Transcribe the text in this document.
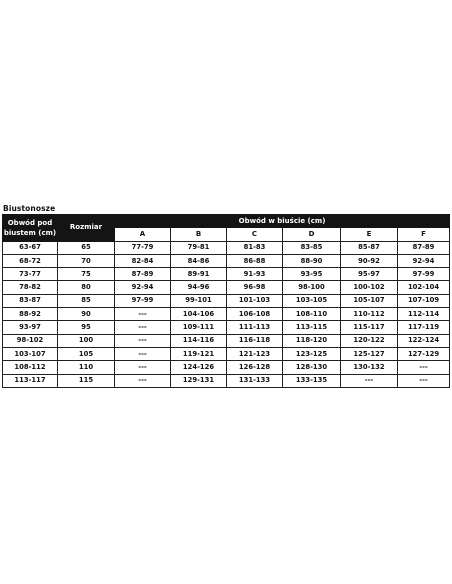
Biustonosze
Obwód pod biustem (cm)	Rozmiar	Obwód w biuście (cm)					
		A	B	C	D	E	F
63-67	65	77-79	79-81	81-83	83-85	85-87	87-89
68-72	70	82-84	84-86	86-88	88-90	90-92	92-94
73-77	75	87-89	89-91	91-93	93-95	95-97	97-99
78-82	80	92-94	94-96	96-98	98-100	100-102	102-104
83-87	85	97-99	99-101	101-103	103-105	105-107	107-109
88-92	90	---	104-106	106-108	108-110	110-112	112-114
93-97	95	---	109-111	111-113	113-115	115-117	117-119
98-102	100	---	114-116	116-118	118-120	120-122	122-124
103-107	105	---	119-121	121-123	123-125	125-127	127-129
108-112	110	---	124-126	126-128	128-130	130-132	---
113-117	115	---	129-131	131-133	133-135	---	---
